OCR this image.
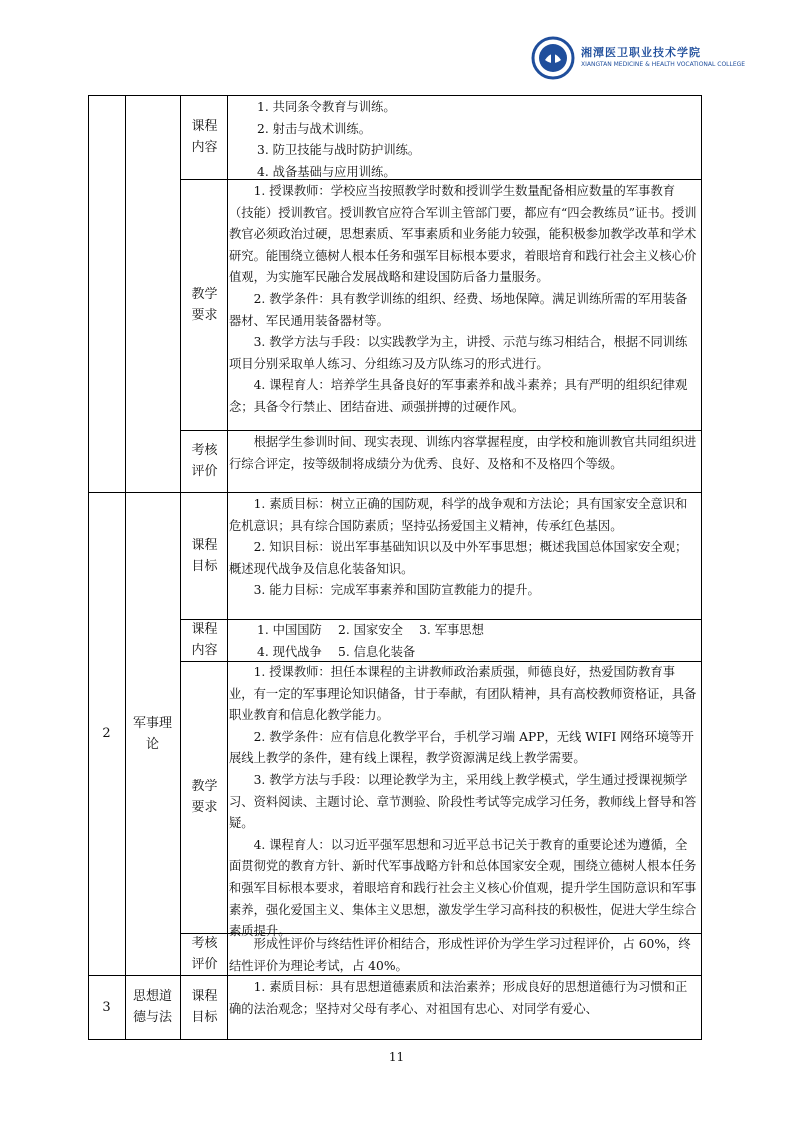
湘潭医卫职业技术学院
XIANGTAN MEDICINE & HEALTH VOCATIONAL COLLEGE
课程
内容
教学
要求
考核
评价

1. 共同条令教育与训练。

2. 射击与战术训练。

3. 防卫技能与战时防护训练。

4. 战备基础与应用训练。

1. 授课教师：学校应当按照教学时数和授训学生数量配备相应数量的军事教育（技能）授训教官。授训教官应符合军训主管部门要，都应有“四会教练员”证书。授训教官必须政治过硬，思想素质、军事素质和业务能力较强，能积极参加教学改革和学术研究。能围绕立德树人根本任务和强军目标根本要求，着眼培育和践行社会主义核心价值观，为实施军民融合发展战略和建设国防后备力量服务。

2. 教学条件：具有教学训练的组织、经费、场地保障。满足训练所需的军用装备器材、军民通用装备器材等。

3. 教学方法与手段：以实践教学为主，讲授、示范与练习相结合，根据不同训练项目分别采取单人练习、分组练习及方队练习的形式进行。

4. 课程育人：培养学生具备良好的军事素养和战斗素养；具有严明的组织纪律观念；具备令行禁止、团结奋进、顽强拼搏的过硬作风。

根据学生参训时间、现实表现、训练内容掌握程度，由学校和施训教官共同组织进行综合评定，按等级制将成绩分为优秀、良好、及格和不及格四个等级。

2
军事理
论
课程
目标
课程
内容
教学
要求
考核
评价

1. 素质目标：树立正确的国防观，科学的战争观和方法论；具有国家安全意识和危机意识；具有综合国防素质；坚持弘扬爱国主义精神，传承红色基因。

2. 知识目标：说出军事基础知识以及中外军事思想；概述我国总体国家安全观；概述现代战争及信息化装备知识。

3. 能力目标：完成军事素养和国防宣教能力的提升。

1. 中国国防　 2. 国家安全　 3. 军事思想

4. 现代战争　 5. 信息化装备

1. 授课教师：担任本课程的主讲教师政治素质强，师德良好，热爱国防教育事业，有一定的军事理论知识储备，甘于奉献，有团队精神，具有高校教师资格证，具备职业教育和信息化教学能力。

2. 教学条件：应有信息化教学平台，手机学习端 APP，无线 WIFI 网络环境等开展线上教学的条件，建有线上课程，教学资源满足线上教学需要。

3. 教学方法与手段：以理论教学为主，采用线上教学模式，学生通过授课视频学习、资料阅读、主题讨论、章节测验、阶段性考试等完成学习任务，教师线上督导和答疑。

4. 课程育人：以习近平强军思想和习近平总书记关于教育的重要论述为遵循，全面贯彻党的教育方针、新时代军事战略方针和总体国家安全观，围绕立德树人根本任务和强军目标根本要求，着眼培育和践行社会主义核心价值观，提升学生国防意识和军事素养，强化爱国主义、集体主义思想，激发学生学习高科技的积极性，促进大学生综合素质提升。

形成性评价与终结性评价相结合，形成性评价为学生学习过程评价，占 60%，终结性评价为理论考试，占 40%。

3
思想道
德与法
课程
目标

1. 素质目标：具有思想道德素质和法治素养；形成良好的思想道德行为习惯和正确的法治观念；坚持对父母有孝心、对祖国有忠心、对同学有爱心、

11
